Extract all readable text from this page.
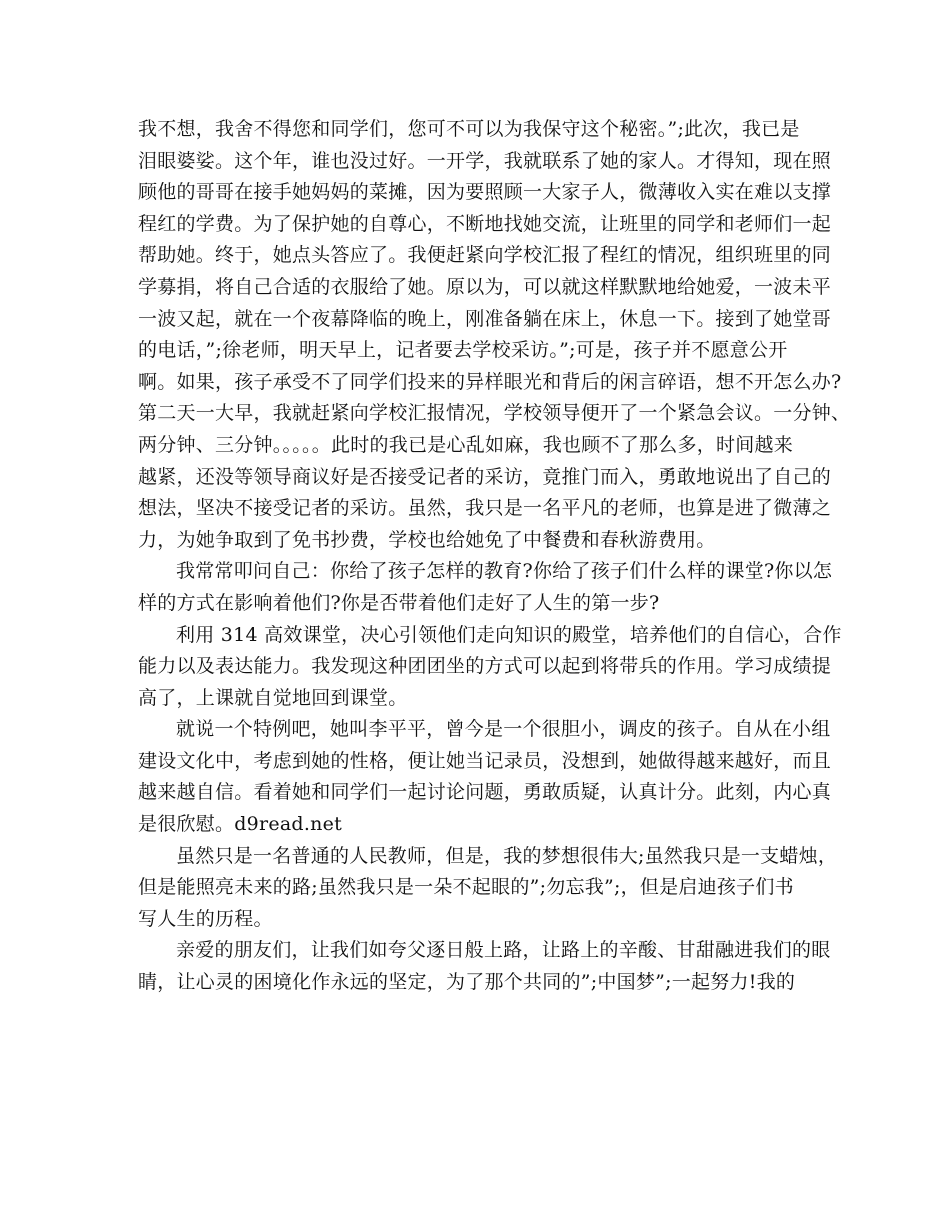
我不想，我舍不得您和同学们，您可不可以为我保守这个秘密。”;此次，我已是
泪眼婆娑。这个年，谁也没过好。一开学，我就联系了她的家人。才得知，现在照
顾他的哥哥在接手她妈妈的菜摊，因为要照顾一大家子人，微薄收入实在难以支撑
程红的学费。为了保护她的自尊心，不断地找她交流，让班里的同学和老师们一起
帮助她。终于，她点头答应了。我便赶紧向学校汇报了程红的情况，组织班里的同
学募捐，将自己合适的衣服给了她。原以为，可以就这样默默地给她爱，一波未平
一波又起，就在一个夜幕降临的晚上，刚准备躺在床上，休息一下。接到了她堂哥
的电话，”;徐老师，明天早上，记者要去学校采访。”;可是，孩子并不愿意公开
啊。如果，孩子承受不了同学们投来的异样眼光和背后的闲言碎语，想不开怎么办?
第二天一大早，我就赶紧向学校汇报情况，学校领导便开了一个紧急会议。一分钟、
两分钟、三分钟。。。。。此时的我已是心乱如麻，我也顾不了那么多，时间越来
越紧，还没等领导商议好是否接受记者的采访，竟推门而入，勇敢地说出了自己的
想法，坚决不接受记者的采访。虽然，我只是一名平凡的老师，也算是进了微薄之
力，为她争取到了免书抄费，学校也给她免了中餐费和春秋游费用。

我常常叩问自己：你给了孩子怎样的教育?你给了孩子们什么样的课堂?你以怎
样的方式在影响着他们?你是否带着他们走好了人生的第一步?

利用 314 高效课堂，决心引领他们走向知识的殿堂，培养他们的自信心，合作
能力以及表达能力。我发现这种团团坐的方式可以起到将带兵的作用。学习成绩提
高了，上课就自觉地回到课堂。

就说一个特例吧，她叫李平平，曾今是一个很胆小，调皮的孩子。自从在小组
建设文化中，考虑到她的性格，便让她当记录员，没想到，她做得越来越好，而且
越来越自信。看着她和同学们一起讨论问题，勇敢质疑，认真计分。此刻，内心真
是很欣慰。d9read.net

虽然只是一名普通的人民教师，但是，我的梦想很伟大;虽然我只是一支蜡烛，
但是能照亮未来的路;虽然我只是一朵不起眼的”;勿忘我”;，但是启迪孩子们书
写人生的历程。

亲爱的朋友们，让我们如夸父逐日般上路，让路上的辛酸、甘甜融进我们的眼
睛，让心灵的困境化作永远的坚定，为了那个共同的”;中国梦”;一起努力!我的
